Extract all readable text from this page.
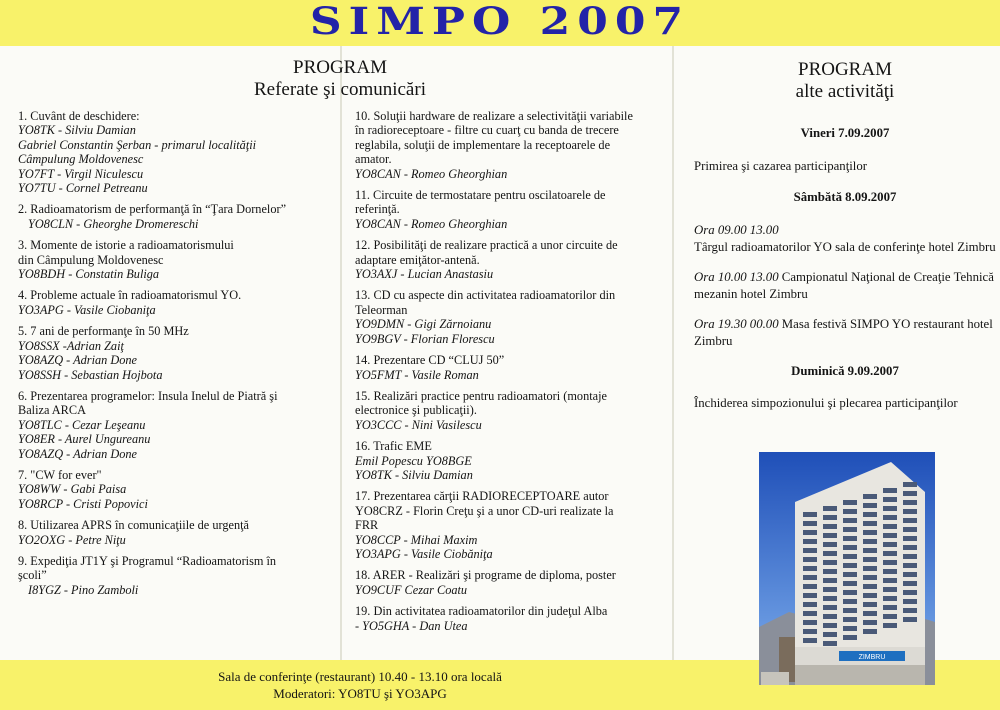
SIMPO 2007
PROGRAM
Referate şi comunicări
PROGRAM
alte activităţi
1. Cuvânt de deschidere:
YO8TK - Silviu Damian
Gabriel Constantin Şerban - primarul localităţii
Câmpulung Moldovenesc
YO7FT - Virgil Niculescu
YO7TU - Cornel Petreanu
2. Radioamatorism de performanţă în “Ţara Dornelor”
YO8CLN - Gheorghe Dromereschi
3. Momente de istorie a radioamatorismului
din Câmpulung Moldovenesc
YO8BDH - Constatin Buliga
4. Probleme actuale în radioamatorismul YO.
YO3APG - Vasile Ciobaniţa
5. 7 ani de performanţe în 50 MHz
YO8SSX -Adrian Zaiţ
YO8AZQ - Adrian Done
YO8SSH - Sebastian Hojbota
6. Prezentarea programelor: Insula Inelul de Piatră şi
Baliza ARCA
YO8TLC - Cezar Leşeanu
YO8ER - Aurel Ungureanu
YO8AZQ - Adrian Done
7. "CW for ever"
YO8WW - Gabi Paisa
YO8RCP - Cristi Popovici
8. Utilizarea APRS în comunicaţiile de urgenţă
YO2OXG - Petre Niţu
9. Expediţia JT1Y şi Programul “Radioamatorism în
şcoli”
I8YGZ - Pino Zamboli
10. Soluţii hardware de realizare a selectivităţii variabile
în radioreceptoare - filtre cu cuarţ cu banda de trecere
reglabila, soluţii de implementare la receptoarele de
amator.
YO8CAN - Romeo Gheorghian
11. Circuite de termostatare pentru oscilatoarele de
referinţă.
YO8CAN - Romeo Gheorghian
12. Posibilităţi de realizare practică a unor circuite de
adaptare emiţător-antenă.
YO3AXJ - Lucian Anastasiu
13. CD cu aspecte din activitatea radioamatorilor din
Teleorman
YO9DMN - Gigi Zărnoianu
YO9BGV - Florian Florescu
14. Prezentare CD “CLUJ 50”
YO5FMT - Vasile Roman
15. Realizări practice pentru radioamatori (montaje
electronice şi publicaţii).
YO3CCC - Nini Vasilescu
16. Trafic EME
Emil Popescu YO8BGE
YO8TK - Silviu Damian
17. Prezentarea cărţii RADIORECEPTOARE autor
YO8CRZ - Florin Creţu şi a unor CD-uri realizate la
FRR
YO8CCP - Mihai Maxim
YO3APG - Vasile Ciobăniţa
18. ARER - Realizări şi programe de diploma, poster
YO9CUF Cezar Coatu
19. Din activitatea radioamatorilor din judeţul Alba
- YO5GHA - Dan Utea
Vineri 7.09.2007
Primirea şi cazarea participanţilor
Sâmbătă 8.09.2007
Ora 09.00 13.00
Târgul radioamatorilor YO sala de conferinţe hotel Zimbru
Ora 10.00 13.00 Campionatul Naţional de Creaţie Tehnică mezanin hotel Zimbru
Ora 19.30 00.00 Masa festivă SIMPO YO restaurant hotel Zimbru
Duminică 9.09.2007
Închiderea simpozionului şi plecarea participanţilor
ZIMBRU
Sala de conferinţe (restaurant) 10.40 - 13.10 ora locală
Moderatori: YO8TU şi YO3APG
